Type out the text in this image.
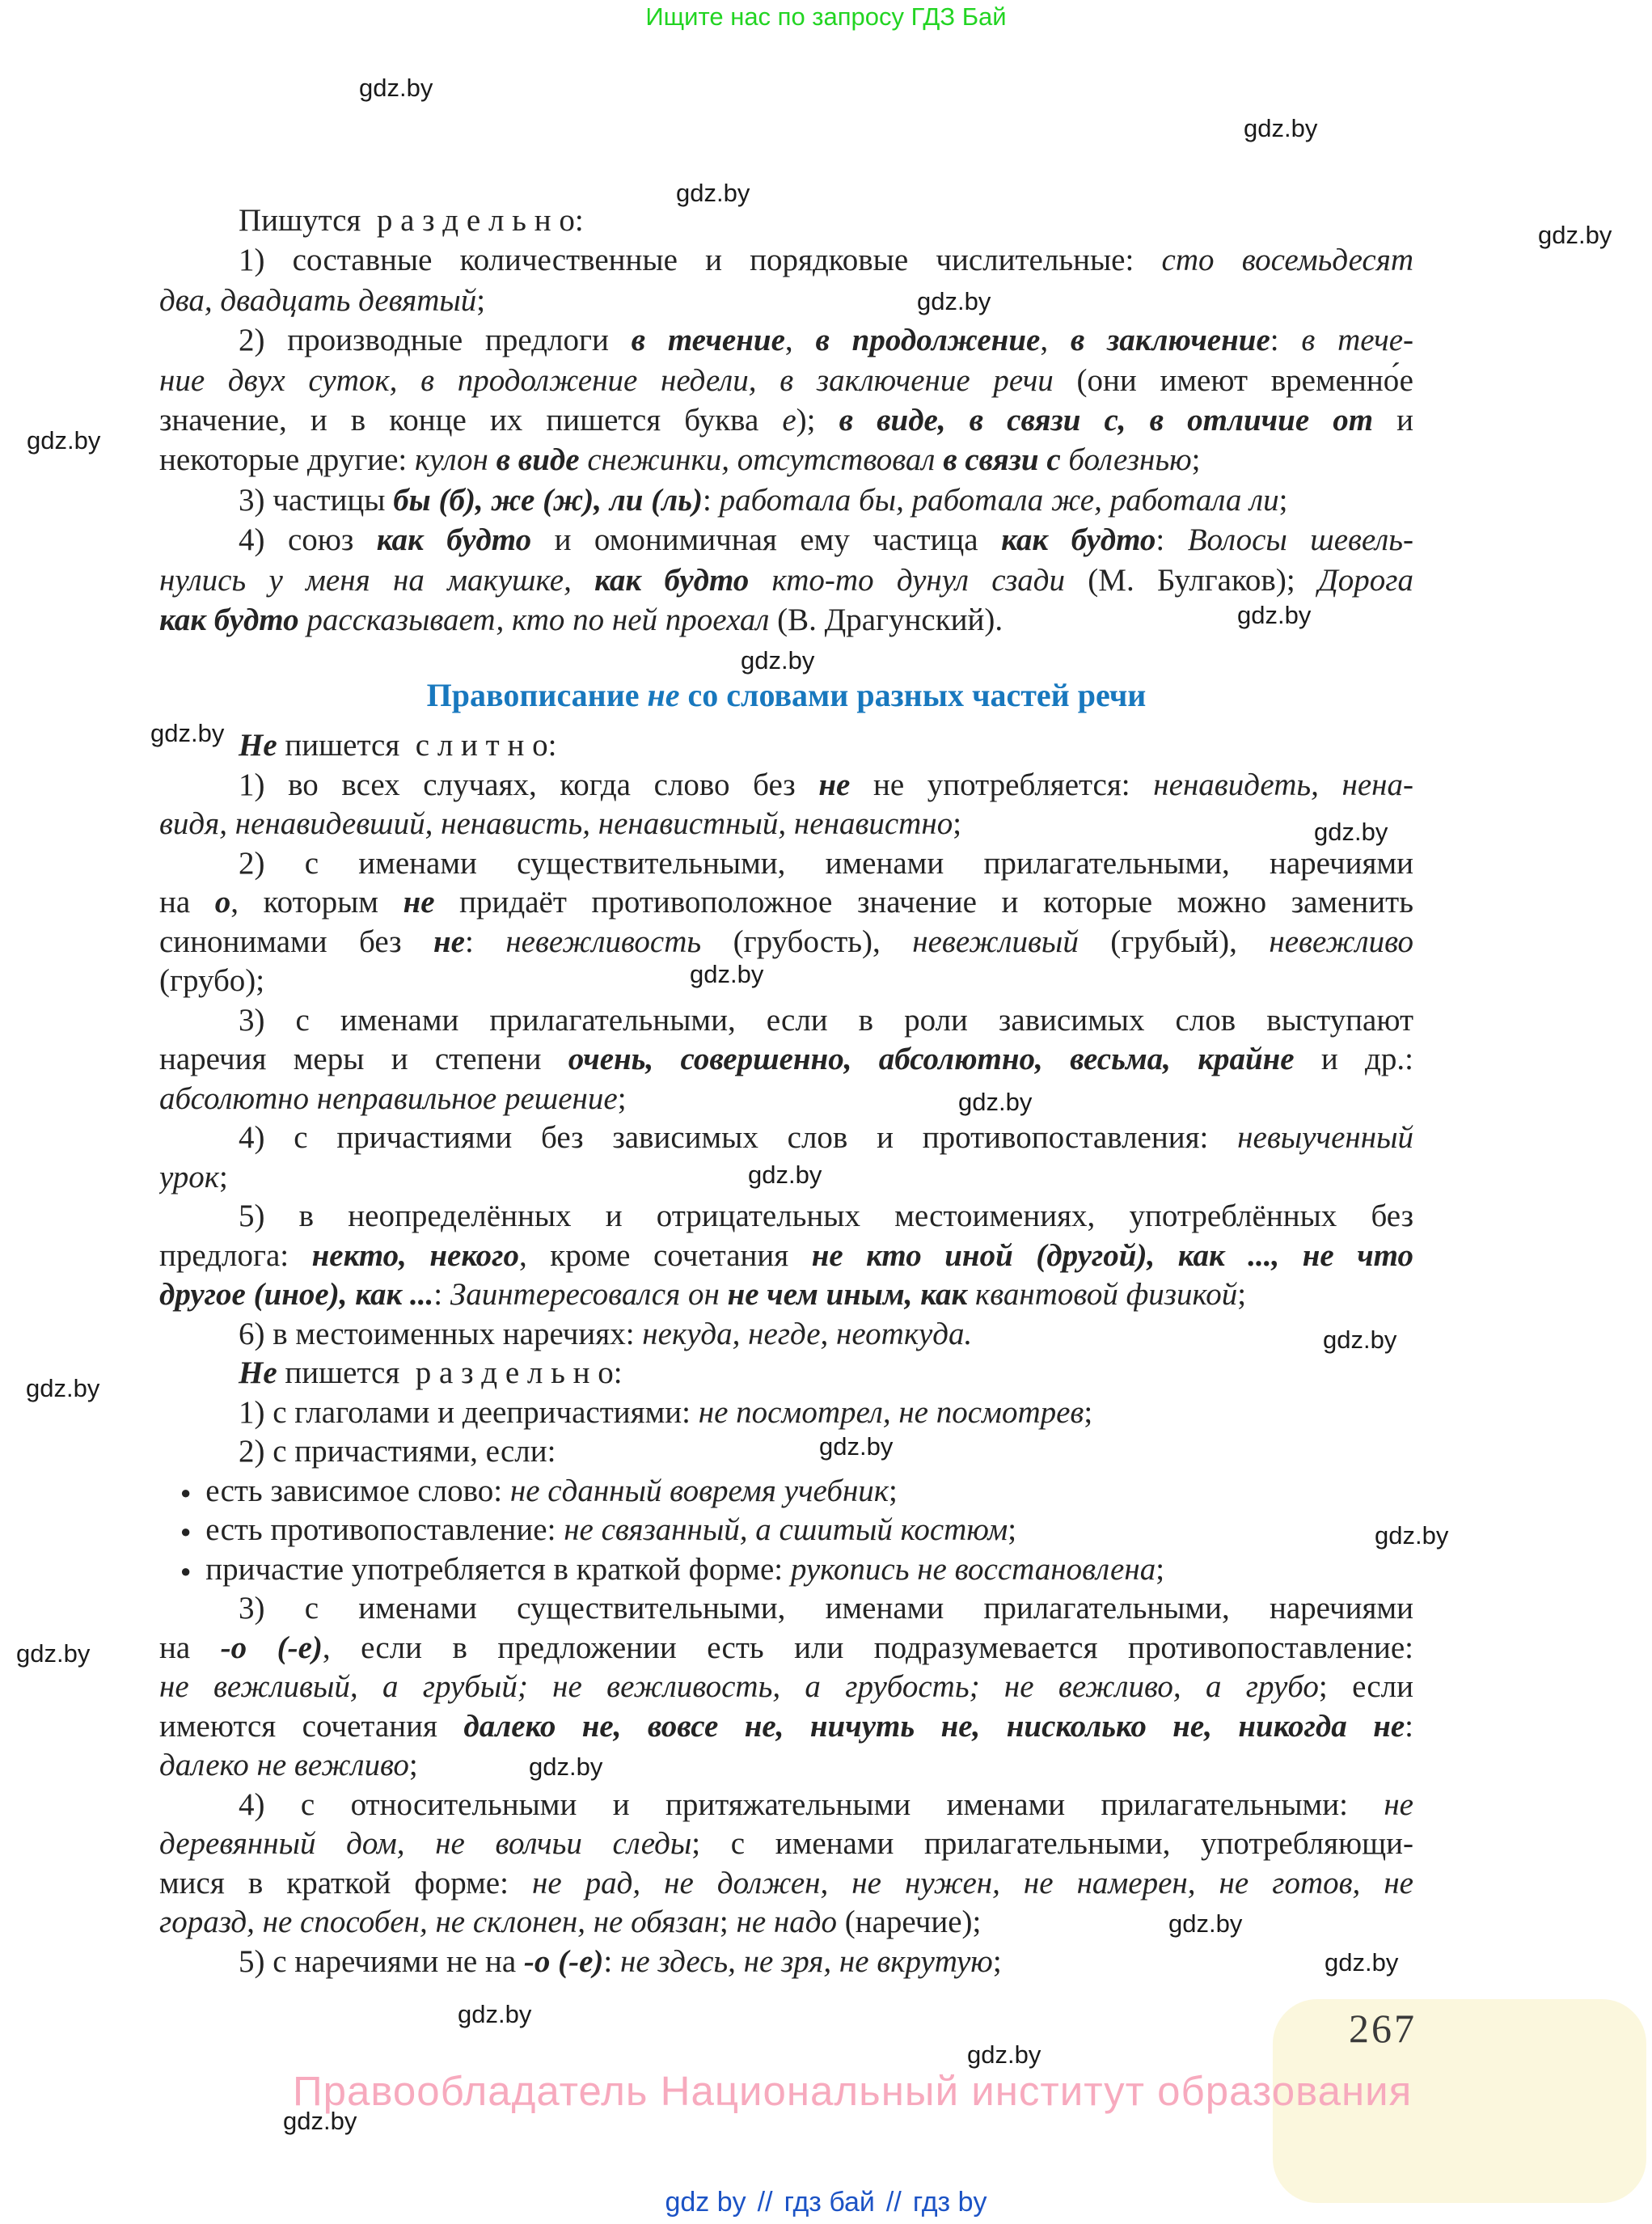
Ищите нас по запросу ГДЗ Бай
gdz.by
gdz.by
gdz.by
gdz.by
gdz.by
gdz.by
gdz.by
gdz.by
gdz.by
gdz.by
gdz.by
gdz.by
gdz.by
gdz.by
gdz.by
gdz.by
gdz.by
gdz.by
gdz.by
gdz.by
gdz.by
gdz.by
gdz.by
gdz.by
Пишутся р а з д е л ь н о:
1) составные количественные и порядковые числительные: сто восемьдесят
два, двадцать девятый;
2) производные предлоги в течение, в продолжение, в заключение: в тече-
ние двух суток, в продолжение недели, в заключение речи (они имеют временно́е
значение, и в конце их пишется буква е); в виде, в связи с, в отличие от и
некоторые другие: кулон в виде снежинки, отсутствовал в связи с болезнью;
3) частицы бы (б), же (ж), ли (ль): работала бы, работала же, работала ли;
4) союз как будто и омонимичная ему частица как будто: Волосы шевель-
нулись у меня на макушке, как будто кто-то дунул сзади (М. Булгаков); Дорога
как будто рассказывает, кто по ней проехал (В. Драгунский).
Не пишется с л и т н о:
1) во всех случаях, когда слово без не не употребляется: ненавидеть, нена-
видя, ненавидевший, ненависть, ненавистный, ненавистно;
2) с именами существительными, именами прилагательными, наречиями
на о, которым не придаёт противоположное значение и которые можно заменить
синонимами без не: невежливость (грубость), невежливый (грубый), невежливо
(грубо);
3) с именами прилагательными, если в роли зависимых слов выступают
наречия меры и степени очень, совершенно, абсолютно, весьма, крайне и др.:
абсолютно неправильное решение;
4) с причастиями без зависимых слов и противопоставления: невыученный
урок;
5) в неопределённых и отрицательных местоимениях, употреблённых без
предлога: некто, некого, кроме сочетания не кто иной (другой), как ..., не что
другое (иное), как ...: Заинтересовался он не чем иным, как квантовой физикой;
6) в местоименных наречиях: некуда, негде, неоткуда.
Не пишется р а з д е л ь н о:
1) с глаголами и деепричастиями: не посмотрел, не посмотрев;
2) с причастиями, если:
● есть зависимое слово: не сданный вовремя учебник;
● есть противопоставление: не связанный, а сшитый костюм;
● причастие употребляется в краткой форме: рукопись не восстановлена;
3) с именами существительными, именами прилагательными, наречиями
на -о (-е), если в предложении есть или подразумевается противопоставление:
не вежливый, а грубый; не вежливость, а грубость; не вежливо, а грубо; если
имеются сочетания далеко не, вовсе не, ничуть не, нисколько не, никогда не:
далеко не вежливо;
4) с относительными и притяжательными именами прилагательными: не
деревянный дом, не волчьи следы; с именами прилагательными, употребляющи-
мися в краткой форме: не рад, не должен, не нужен, не намерен, не готов, не
горазд, не способен, не склонен, не обязан; не надо (наречие);
5) с наречиями не на -о (-е): не здесь, не зря, не вкрутую;
Правописание не со словами разных частей речи
267
Правообладатель Национальный институт образования
gdz by // гдз бай // гдз by
